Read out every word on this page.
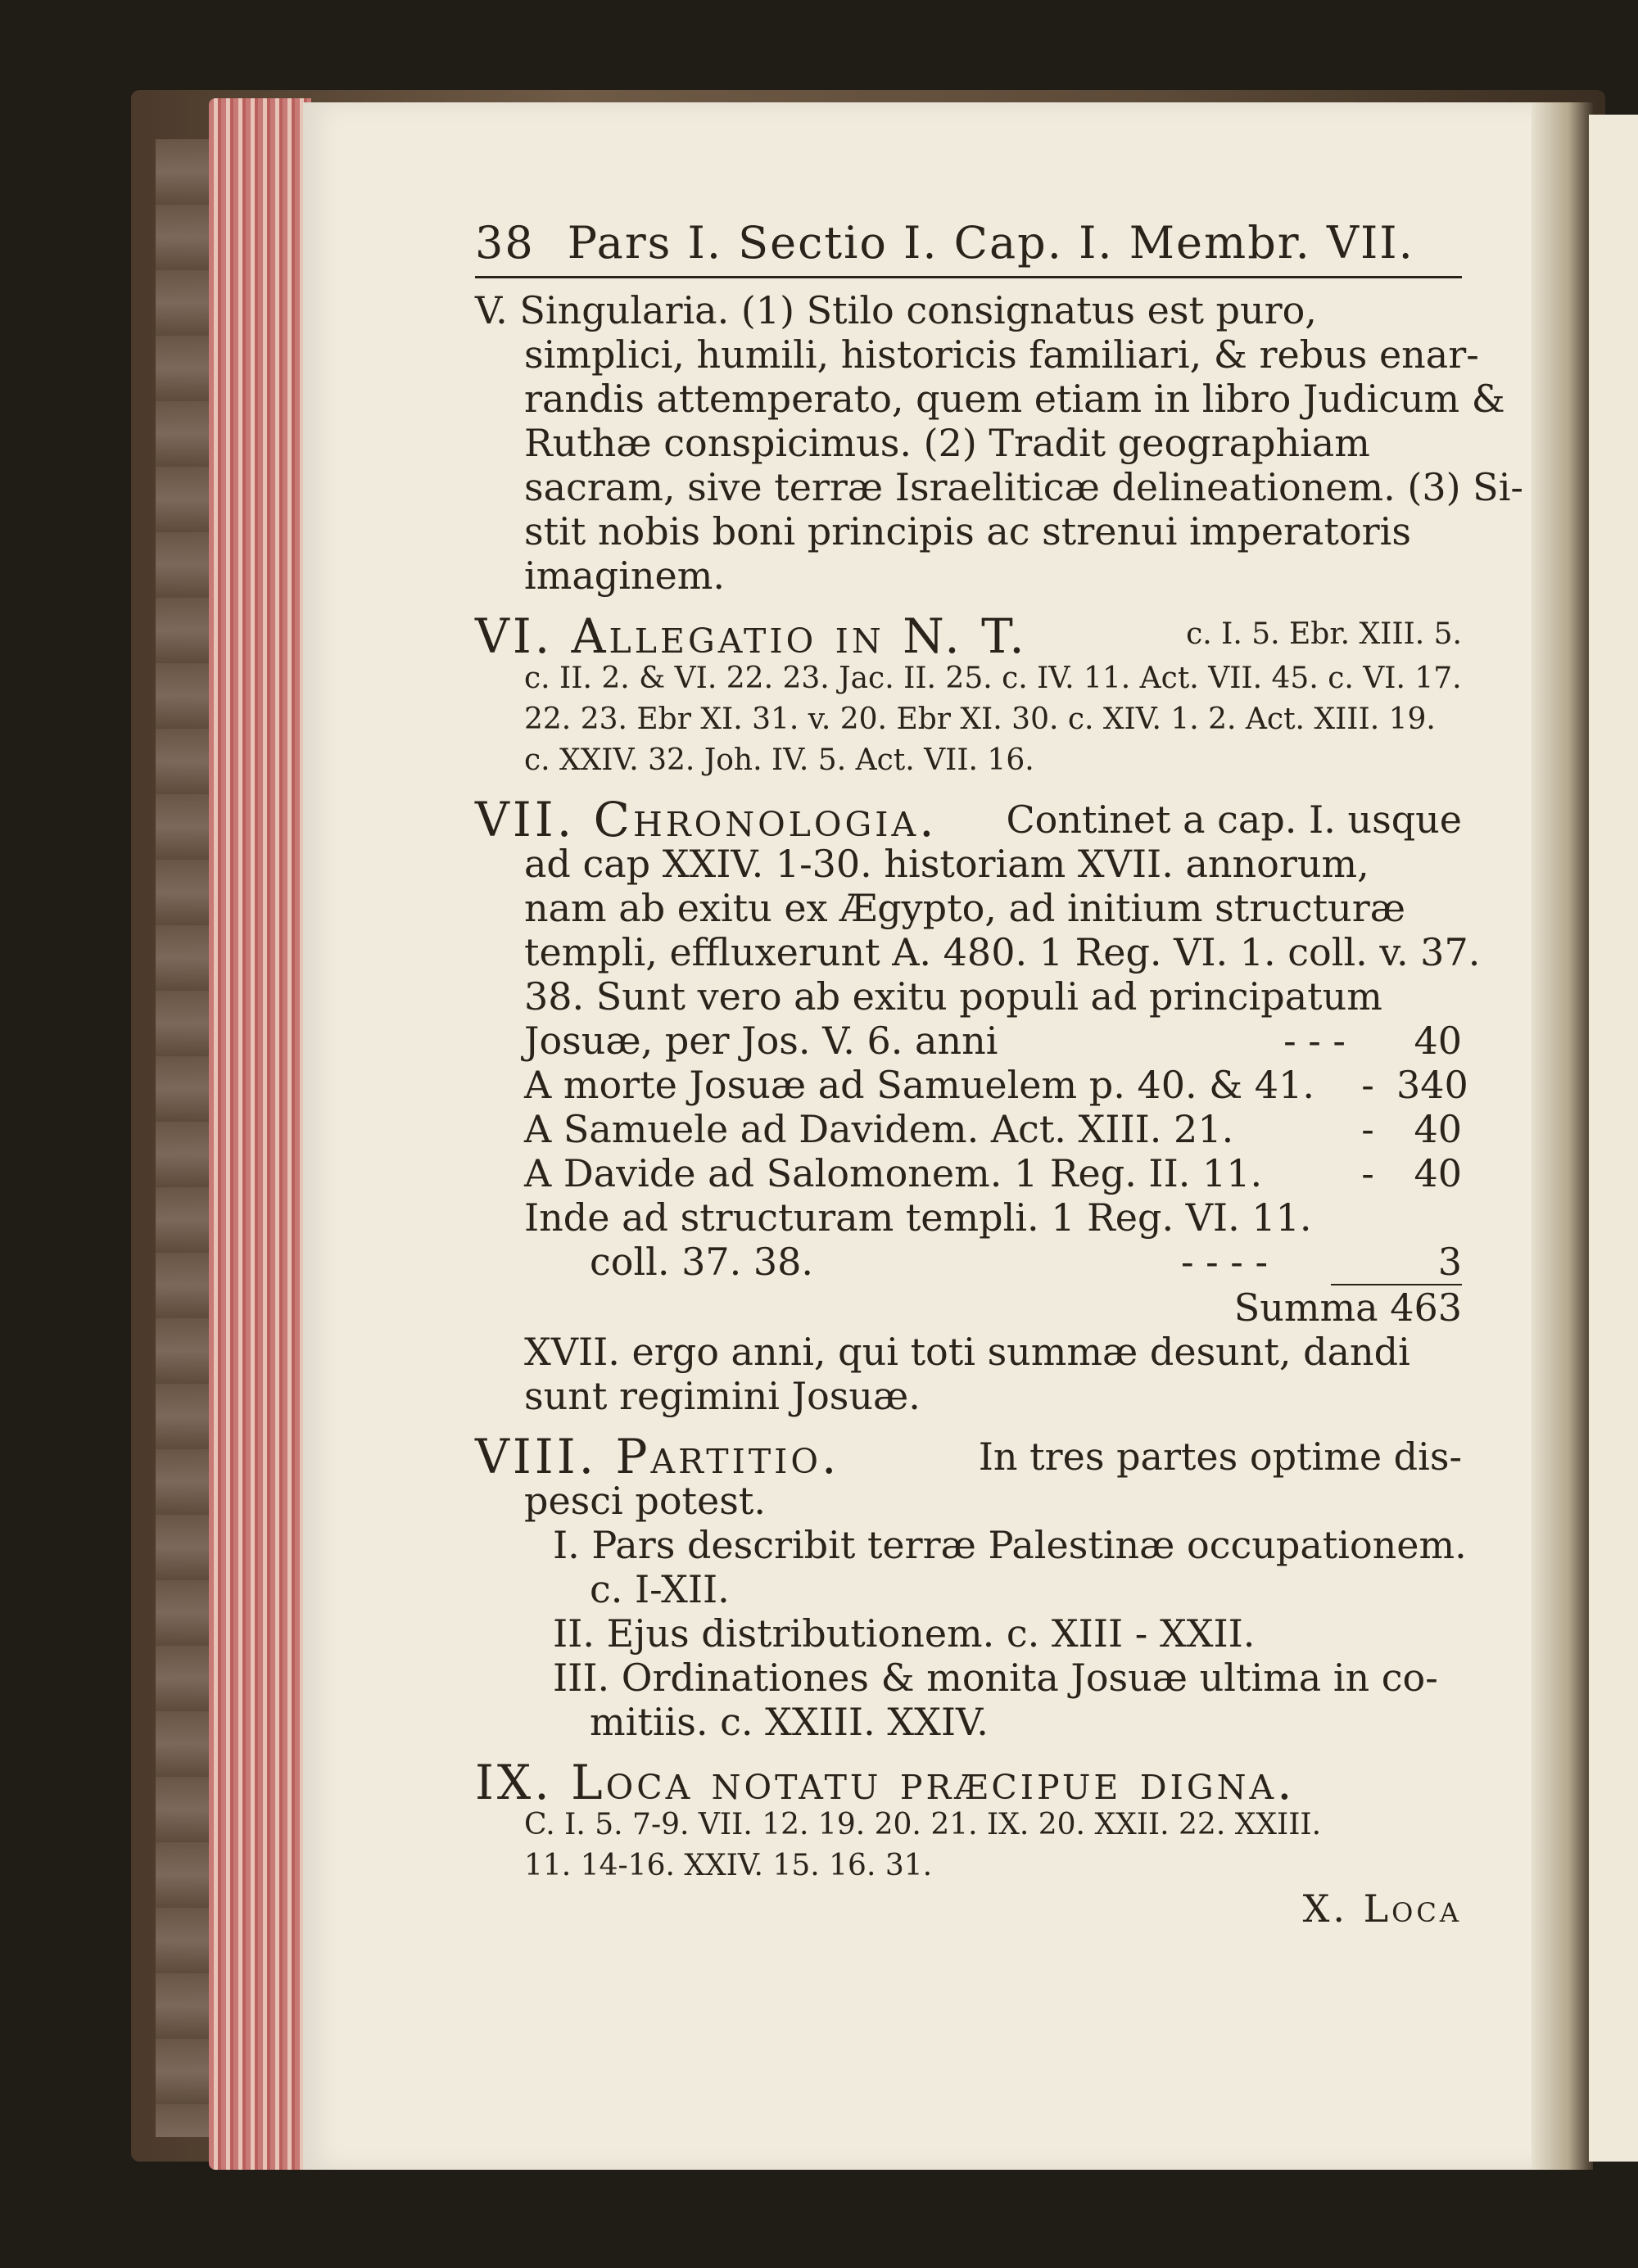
38 Pars I. Sectio I. Cap. I. Membr. VII.
V. Singularia. (1) Stilo consignatus est puro,
simplici, humili, historicis familiari, & rebus enar-
randis attemperato, quem etiam in libro Judicum &
Ruthæ conspicimus. (2) Tradit geographiam
sacram, sive terræ Israeliticæ delineationem. (3) Si-
stit nobis boni principis ac strenui imperatoris
imaginem.
VI. Allegatio in N. T.	c. I. 5. Ebr. XIII. 5.
c. II. 2. & VI. 22. 23. Jac. II. 25. c. IV. 11. Act. VII. 45. c. VI. 17.
22. 23. Ebr XI. 31. v. 20. Ebr XI. 30. c. XIV. 1. 2. Act. XIII. 19.
c. XXIV. 32. Joh. IV. 5. Act. VII. 16.
VII. Chronologia. Continet a cap. I. usque
ad cap XXIV. 1-30. historiam XVII. annorum,
nam ab exitu ex Ægypto, ad initium structuræ
templi, effluxerunt A. 480. 1 Reg. VI. 1. coll. v. 37.
38. Sunt vero ab exitu populi ad principatum
Josuæ, per Jos. V. 6. anni	- - -	40
A morte Josuæ ad Samuelem p. 40. & 41.	- 340
A Samuele ad Davidem. Act. XIII. 21.	-	40
A Davide ad Salomonem. 1 Reg. II. 11.	-	40
Inde ad structuram templi. 1 Reg. VI. 11.
coll. 37. 38.	- - - -	3
Summa 463
XVII. ergo anni, qui toti summæ desunt, dandi
sunt regimini Josuæ.
VIII. Partitio.	In tres partes optime dis-
pesci potest.
I. Pars describit terræ Palestinæ occupationem.
c. I-XII.
II. Ejus distributionem. c. XIII - XXII.
III. Ordinationes & monita Josuæ ultima in co-
mitiis. c. XXIII. XXIV.
IX. Loca notatu præcipue digna.
C. I. 5. 7-9. VII. 12. 19. 20. 21. IX. 20. XXII. 22. XXIII.
11. 14-16. XXIV. 15. 16. 31.
X. Loca
